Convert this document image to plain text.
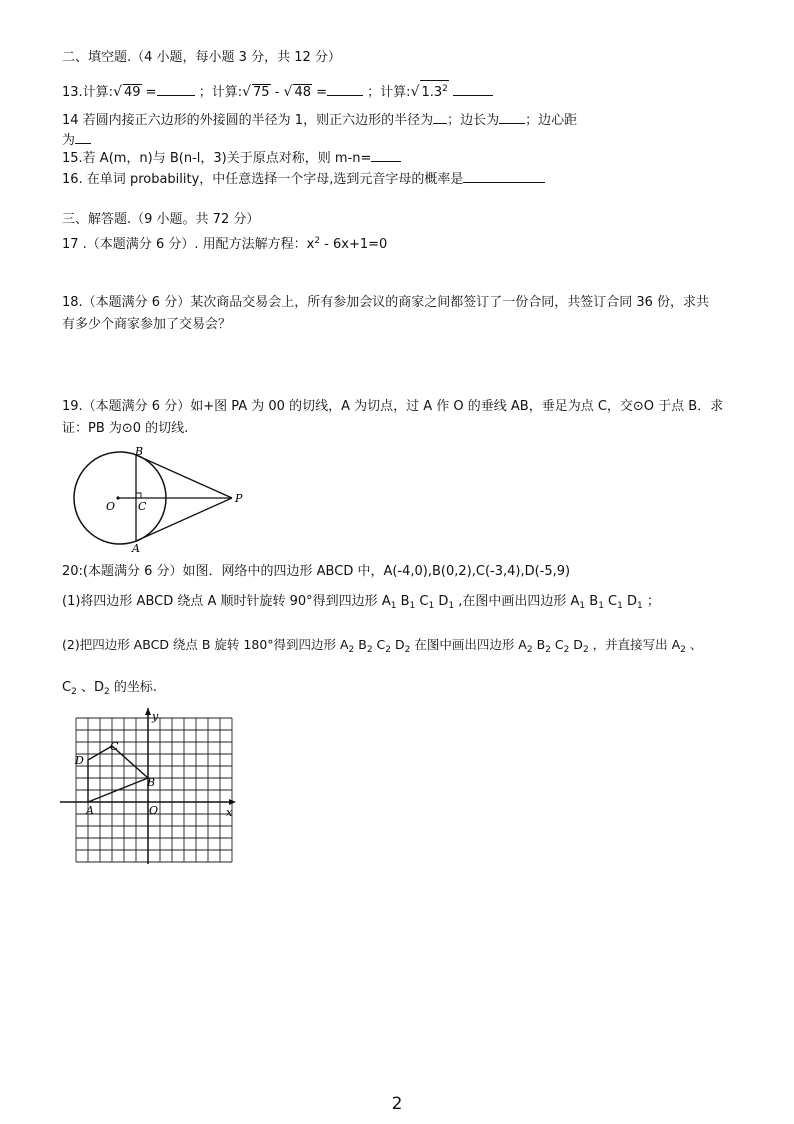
二、填空题.（4 小题，每小题 3 分，共 12 分）
13.计算:√ 49 =	；计算:√ 75 - √ 48 =	；计算:√ $1.3^2$
14 若圆内接正六边形的外接圆的半径为 1，则正六边形的半径为 ；边长为 ；边心距
为
15.若 A(m，n)与 B(n-l，3)关于原点对称，则 m-n=
16. 在单词 probability，中任意选择一个字母,选到元音字母的概率是
三、解答题.（9 小题。共 72 分）
17 .（本题满分 6 分）. 用配方法解方程：$x^2 - 6x+1=0$
18.（本题满分 6 分）某次商品交易会上，所有参加会议的商家之间都签订了一份合同，共签订合同 36 份，求共
有多少个商家参加了交易会？
19.（本题满分 6 分）如+图 PA 为 00 的切线，A 为切点，过 A 作 O 的垂线 AB，垂足为点 C，交⊙O 于点 B．求
证：PB 为⊙0 的切线.
B
O C
P
A
20:(本题满分 6 分）如图．网络中的四边形 ABCD 中，A(-4,0),B(0,2),C(-3,4),D(-5,9)
(1)将四边形 ABCD 绕点 A 顺时针旋转 90°得到四边形 $A_1$ $B_1$ $C_1$ $D_1$ ,在图中画出四边形 $A_1$ $B_1$ $C_1$ $D_1$ ；
(2)把四边形 ABCD 绕点 B 旋转 180°得到四边形 $A_2$ $B_2$ $C_2$ $D_2$ 在图中画出四边形 $A_2$ $B_2$ $C_2$ $D_2$ ，并直接写出 $A_2$ 、
$C_2$ 、$D_2$ 的坐标.
y
x
C
D
B
O
A
2
